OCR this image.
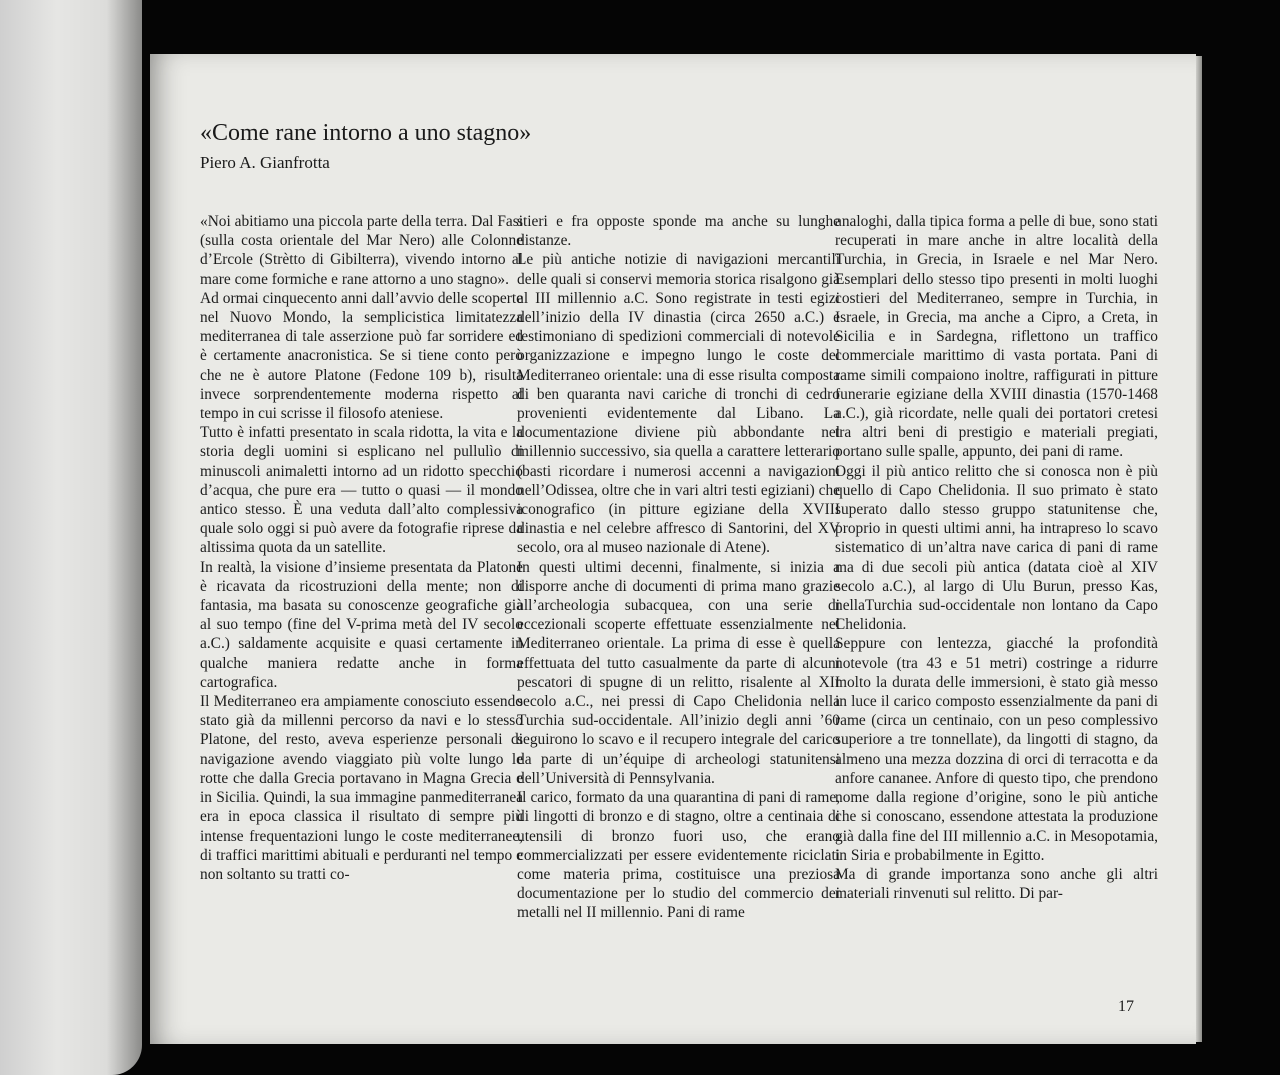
«Come rane intorno a uno stagno»
Piero A. Gianfrotta

«Noi abitiamo una piccola parte della terra. Dal Fasi (sulla costa orientale del Mar Nero) alle Colonne d’Ercole (Strètto di Gibilterra), vivendo intorno al mare come formiche e rane attorno a uno stagno».

Ad ormai cinquecento anni dall’avvio delle scoperte nel Nuovo Mondo, la semplicistica limitatezza mediterranea di tale asserzione può far sorridere ed è certamente anacronistica. Se si tiene conto però che ne è autore Platone (Fedone 109 b), risulta invece sorprendentemente moderna rispetto al tempo in cui scrisse il filosofo ateniese.

Tutto è infatti presentato in scala ridotta, la vita e la storia degli uomini si esplicano nel pullulìo di minuscoli animaletti intorno ad un ridotto specchio d’acqua, che pure era — tutto o quasi — il mondo antico stesso. È una veduta dall’alto complessiva quale solo oggi si può avere da fotografie riprese da altissima quota da un satellite.

In realtà, la visione d’insieme presentata da Platone è ricavata da ricostruzioni della mente; non di fantasia, ma basata su conoscenze geografiche già al suo tempo (fine del V-prima metà del IV secolo a.C.) saldamente acquisite e quasi certamente in qualche maniera redatte anche in forma cartografica.

Il Mediterraneo era ampiamente conosciuto essendo stato già da millenni percorso da navi e lo stesso Platone, del resto, aveva esperienze personali di navigazione avendo viaggiato più volte lungo le rotte che dalla Grecia portavano in Magna Grecia e in Sicilia. Quindi, la sua immagine panmediterranea era in epoca classica il risultato di sempre più intense frequentazioni lungo le coste mediterranee, di traffici marittimi abituali e perduranti nel tempo e non soltanto su tratti co-

stieri e fra opposte sponde ma anche su lunghe distanze.

Le più antiche notizie di navigazioni mercantili delle quali si conservi memoria storica risalgono già al III millennio a.C. Sono registrate in testi egizi dell’inizio della IV dinastia (circa 2650 a.C.) e testimoniano di spedizioni commerciali di notevole organizzazione e impegno lungo le coste del Mediterraneo orientale: una di esse risulta composta di ben quaranta navi cariche di tronchi di cedro provenienti evidentemente dal Libano. La documentazione diviene più abbondante nel millennio successivo, sia quella a carattere letterario (basti ricordare i numerosi accenni a navigazioni nell’Odissea, oltre che in vari altri testi egiziani) che iconografico (in pitture egiziane della XVIII dinastia e nel celebre affresco di Santorini, del XV secolo, ora al museo nazionale di Atene).

In questi ultimi decenni, finalmente, si inizia a disporre anche di documenti di prima mano grazie all’archeologia subacquea, con una serie di eccezionali scoperte effettuate essenzialmente nel Mediterraneo orientale. La prima di esse è quella effettuata del tutto casualmente da parte di alcuni pescatori di spugne di un relitto, risalente al XII secolo a.C., nei pressi di Capo Chelidonia nella Turchia sud-occidentale. All’inizio degli anni ’60 seguirono lo scavo e il recupero integrale del carico da parte di un’équipe di archeologi statunitensi dell’Università di Pennsylvania.

Il carico, formato da una quarantina di pani di rame, di lingotti di bronzo e di stagno, oltre a centinaia di utensili di bronzo fuori uso, che erano commercializzati per essere evidentemente riciclati come materia prima, costituisce una preziosa documentazione per lo studio del commercio dei metalli nel II millennio. Pani di rame

analoghi, dalla tipica forma a pelle di bue, sono stati recuperati in mare anche in altre località della Turchia, in Grecia, in Israele e nel Mar Nero. Esemplari dello stesso tipo presenti in molti luoghi costieri del Mediterraneo, sempre in Turchia, in Israele, in Grecia, ma anche a Cipro, a Creta, in Sicilia e in Sardegna, riflettono un traffico commerciale marittimo di vasta portata. Pani di rame simili compaiono inoltre, raffigurati in pitture funerarie egiziane della XVIII dinastia (1570-1468 a.C.), già ricordate, nelle quali dei portatori cretesi tra altri beni di prestigio e materiali pregiati, portano sulle spalle, appunto, dei pani di rame.

Oggi il più antico relitto che si conosca non è più quello di Capo Chelidonia. Il suo primato è stato superato dallo stesso gruppo statunitense che, proprio in questi ultimi anni, ha intrapreso lo scavo sistematico di un’altra nave carica di pani di rame ma di due secoli più antica (datata cioè al XIV secolo a.C.), al largo di Ulu Burun, presso Kas, nellaTurchia sud-occidentale non lontano da Capo Chelidonia.

Seppure con lentezza, giacché la profondità notevole (tra 43 e 51 metri) costringe a ridurre molto la durata delle immersioni, è stato già messo in luce il carico composto essenzialmente da pani di rame (circa un centinaio, con un peso complessivo superiore a tre tonnellate), da lingotti di stagno, da almeno una mezza dozzina di orci di terracotta e da anfore cananee. Anfore di questo tipo, che prendono nome dalla regione d’origine, sono le più antiche che si conoscano, essendone attestata la produzione già dalla fine del III millennio a.C. in Mesopotamia, in Siria e probabilmente in Egitto.

Ma di grande importanza sono anche gli altri materiali rinvenuti sul relitto. Di par-

17
